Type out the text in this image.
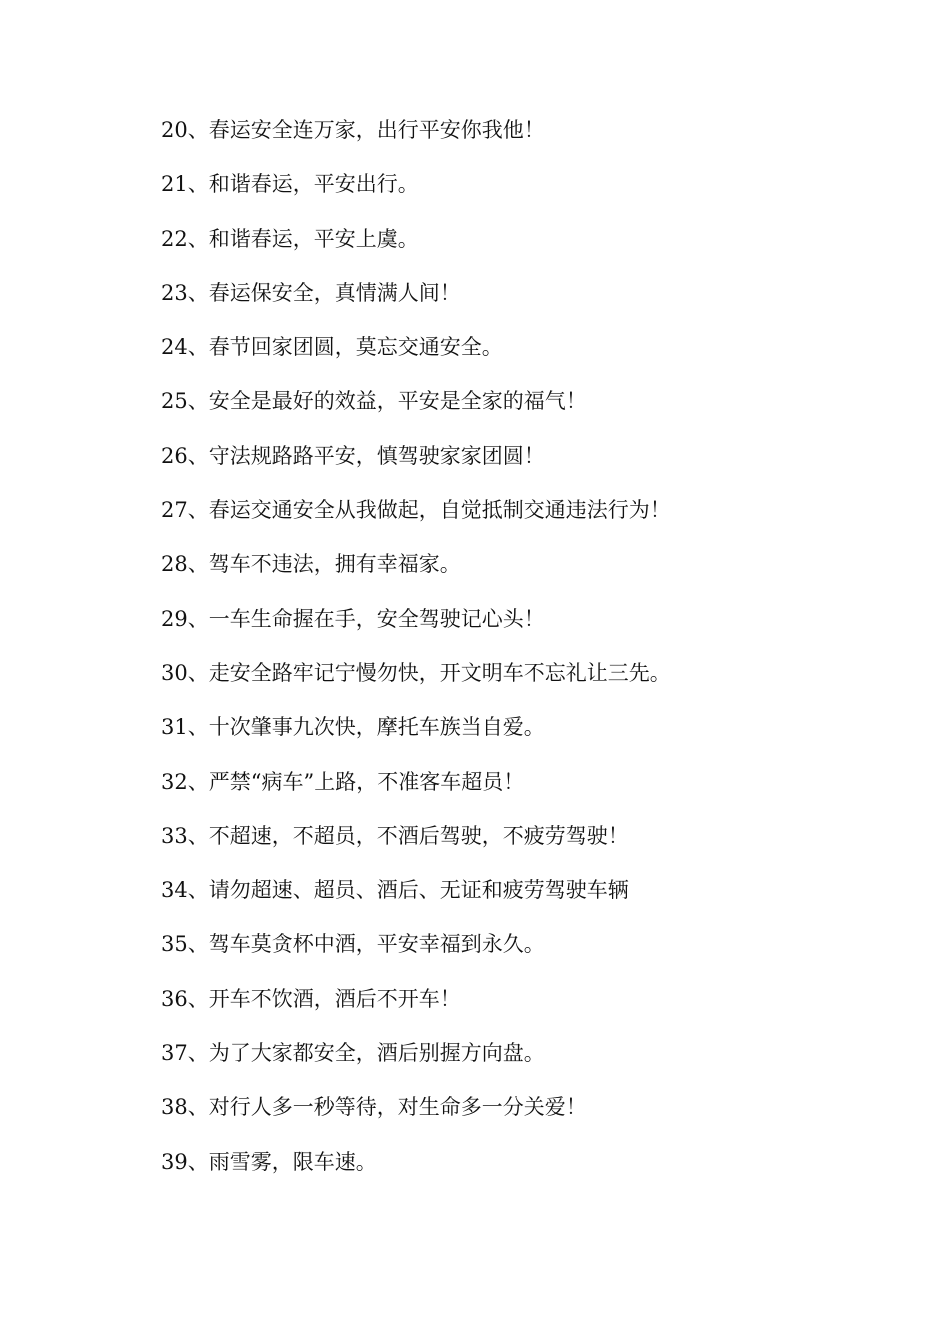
20、春运安全连万家，出行平安你我他！
21、和谐春运，平安出行。
22、和谐春运，平安上虞。
23、春运保安全，真情满人间！
24、春节回家团圆，莫忘交通安全。
25、安全是最好的效益，平安是全家的福气！
26、守法规路路平安，慎驾驶家家团圆！
27、春运交通安全从我做起，自觉抵制交通违法行为！
28、驾车不违法，拥有幸福家。
29、一车生命握在手，安全驾驶记心头！
30、走安全路牢记宁慢勿快，开文明车不忘礼让三先。
31、十次肇事九次快，摩托车族当自爱。
32、严禁“病车”上路，不准客车超员！
33、不超速，不超员，不酒后驾驶，不疲劳驾驶！
34、请勿超速、超员、酒后、无证和疲劳驾驶车辆
35、驾车莫贪杯中酒，平安幸福到永久。
36、开车不饮酒，酒后不开车！
37、为了大家都安全，酒后别握方向盘。
38、对行人多一秒等待，对生命多一分关爱！
39、雨雪雾，限车速。
